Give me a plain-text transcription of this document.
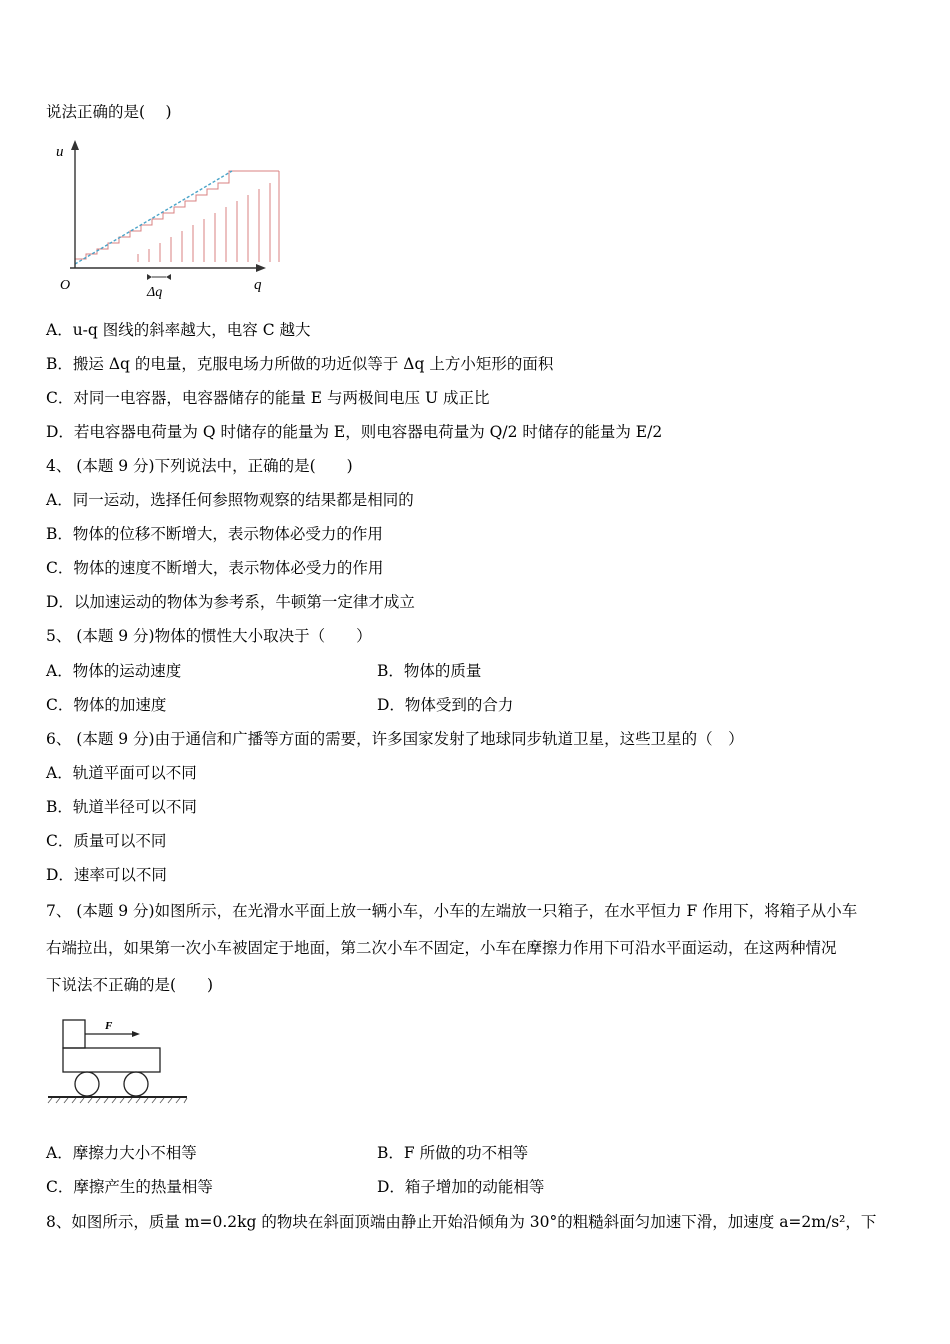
说法正确的是(　 )
u
q
O	Δq
A．u-q 图线的斜率越大，电容 C 越大
B．搬运 Δq 的电量，克服电场力所做的功近似等于 Δq 上方小矩形的面积
C．对同一电容器，电容器储存的能量 E 与两极间电压 U 成正比
D．若电容器电荷量为 Q 时储存的能量为 E，则电容器电荷量为 Q/2 时储存的能量为 E/2
4、 (本题 9 分)下列说法中，正确的是(　　)
A．同一运动，选择任何参照物观察的结果都是相同的
B．物体的位移不断增大，表示物体必受力的作用
C．物体的速度不断增大，表示物体必受力的作用
D．以加速运动的物体为参考系，牛顿第一定律才成立
5、 (本题 9 分)物体的惯性大小取决于（　　）
A．物体的运动速度	B．物体的质量
C．物体的加速度	D．物体受到的合力
6、 (本题 9 分)由于通信和广播等方面的需要，许多国家发射了地球同步轨道卫星，这些卫星的（　）
A．轨道平面可以不同
B．轨道半径可以不同
C．质量可以不同
D．速率可以不同
7、 (本题 9 分)如图所示，在光滑水平面上放一辆小车，小车的左端放一只箱子，在水平恒力 F 作用下，将箱子从小车
右端拉出，如果第一次小车被固定于地面，第二次小车不固定，小车在摩擦力作用下可沿水平面运动，在这两种情况
下说法不正确的是(　　)
F
A．摩擦力大小不相等	B．F 所做的功不相等
C．摩擦产生的热量相等	D．箱子增加的动能相等
8、如图所示，质量 m=0.2kg 的物块在斜面顶端由静止开始沿倾角为 30°的粗糙斜面匀加速下滑，加速度 a=2m/s²，下
